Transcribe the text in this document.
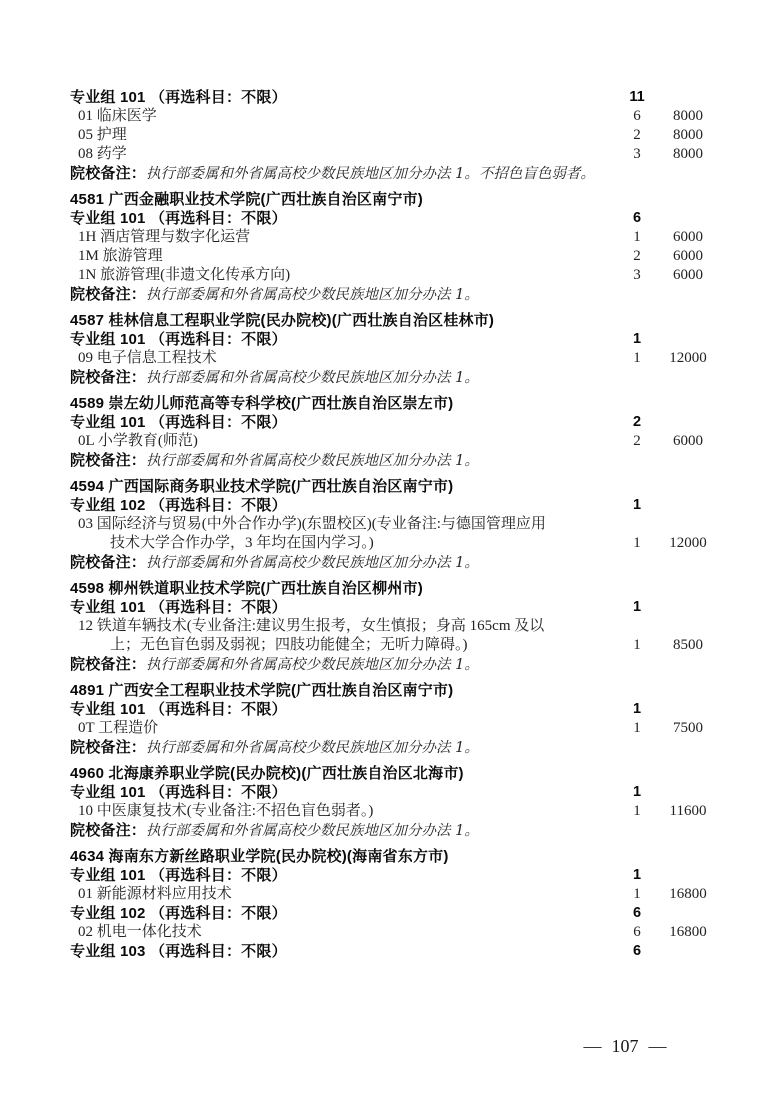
专业组 101 （再选科目：不限）	11
01 临床医学	6	8000
05 护理	2	8000
08 药学	3	8000
院校备注：执行部委属和外省属高校少数民族地区加分办法 1。不招色盲色弱者。
4581 广西金融职业技术学院(广西壮族自治区南宁市)
专业组 101 （再选科目：不限）	6
1H 酒店管理与数字化运营	1	6000
1M 旅游管理	2	6000
1N 旅游管理(非遗文化传承方向)	3	6000
院校备注：执行部委属和外省属高校少数民族地区加分办法 1。
4587 桂林信息工程职业学院(民办院校)(广西壮族自治区桂林市)
专业组 101 （再选科目：不限）	1
09 电子信息工程技术	1	12000
院校备注：执行部委属和外省属高校少数民族地区加分办法 1。
4589 崇左幼儿师范高等专科学校(广西壮族自治区崇左市)
专业组 101 （再选科目：不限）	2
0L 小学教育(师范)	2	6000
院校备注：执行部委属和外省属高校少数民族地区加分办法 1。
4594 广西国际商务职业技术学院(广西壮族自治区南宁市)
专业组 102 （再选科目：不限）	1
03 国际经济与贸易(中外合作办学)(东盟校区)(专业备注:与德国管理应用
技术大学合作办学，3 年均在国内学习。)	1	12000
院校备注：执行部委属和外省属高校少数民族地区加分办法 1。
4598 柳州铁道职业技术学院(广西壮族自治区柳州市)
专业组 101 （再选科目：不限）	1
12 铁道车辆技术(专业备注:建议男生报考，女生慎报；身高 165cm 及以
上；无色盲色弱及弱视；四肢功能健全；无听力障碍。)	1	8500
院校备注：执行部委属和外省属高校少数民族地区加分办法 1。
4891 广西安全工程职业技术学院(广西壮族自治区南宁市)
专业组 101 （再选科目：不限）	1
0T 工程造价	1	7500
院校备注：执行部委属和外省属高校少数民族地区加分办法 1。
4960 北海康养职业学院(民办院校)(广西壮族自治区北海市)
专业组 101 （再选科目：不限）	1
10 中医康复技术(专业备注:不招色盲色弱者。)	1	11600
院校备注：执行部委属和外省属高校少数民族地区加分办法 1。
4634 海南东方新丝路职业学院(民办院校)(海南省东方市)
专业组 101 （再选科目：不限）	1
01 新能源材料应用技术	1	16800
专业组 102 （再选科目：不限）	6
02 机电一体化技术	6	16800
专业组 103 （再选科目：不限）	6
— 107 —
